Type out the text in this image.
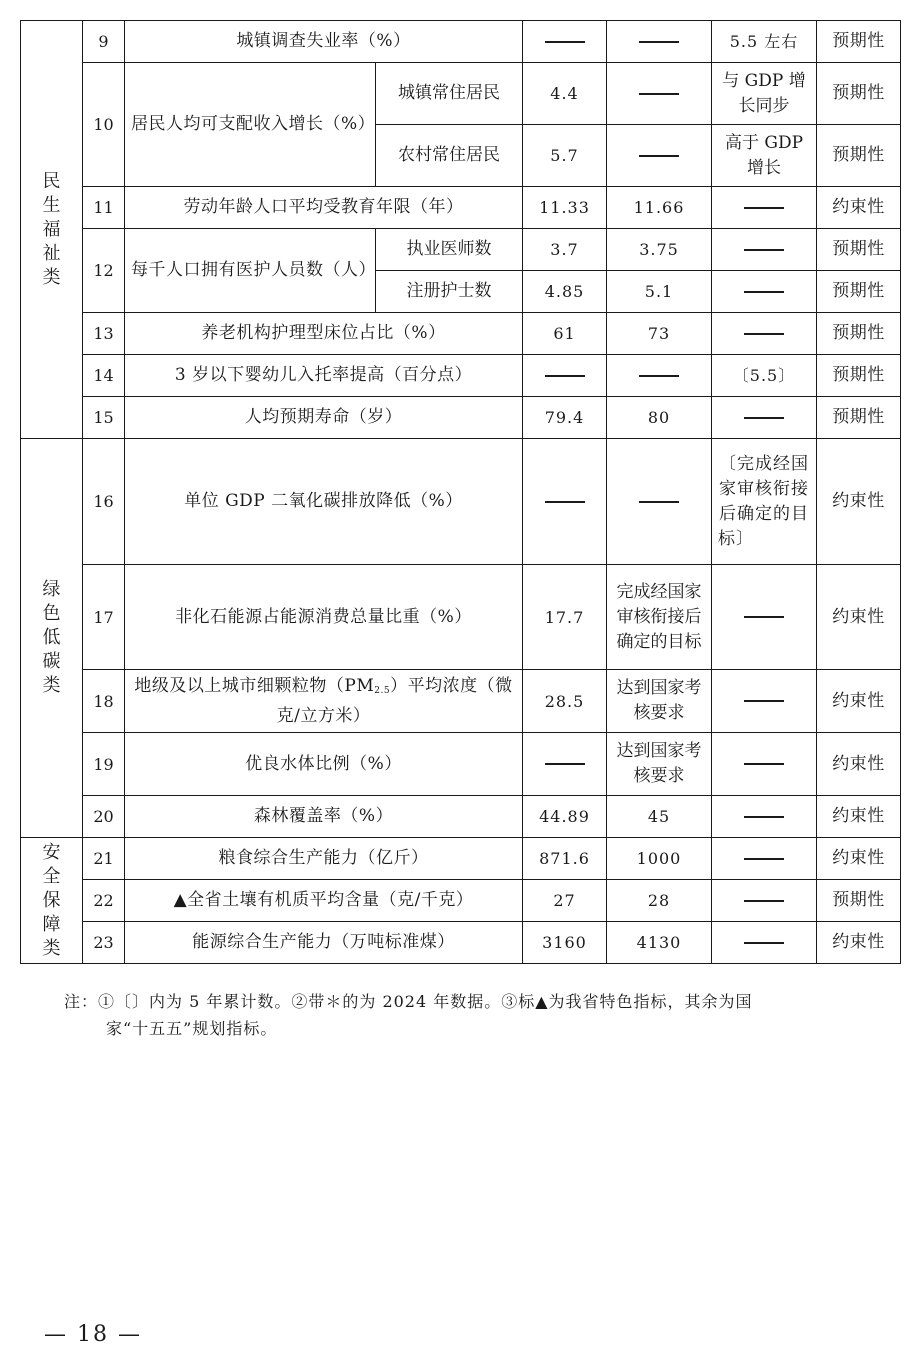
民生福祉类	9	城镇调查失业率（%）				5.5 左右	预期性
	10	居民人均可支配收入增长（%）	城镇常住居民	4.4		与 GDP 增长同步	预期性
			农村常住居民	5.7		高于 GDP 增长	预期性
	11	劳动年龄人口平均受教育年限（年）		11.33	11.66		约束性
	12	每千人口拥有医护人员数（人）	执业医师数	3.7	3.75		预期性
			注册护士数	4.85	5.1		预期性
	13	养老机构护理型床位占比（%）		61	73		预期性
	14	3 岁以下婴幼儿入托率提高（百分点）				〔5.5〕	预期性
	15	人均预期寿命（岁）		79.4	80		预期性

绿色低碳类	16	单位 GDP 二氧化碳排放降低（%）				〔完成经国家审核衔接后确定的目标〕	约束性
	17	非化石能源占能源消费总量比重（%）		17.7	完成经国家审核衔接后确定的目标		约束性
	18	地级及以上城市细颗粒物$(PM_{2.5})$平均浓度（微克/立方米）		28.5	达到国家考核要求		约束性
	19	优良水体比例（%）			达到国家考核要求		约束性
	20	森林覆盖率（%）		44.89	45		约束性

安全保障类	21	粮食综合生产能力（亿斤）		871.6	1000		约束性
	22	▲全省土壤有机质平均含量（克/千克）		27	28		预期性
	23	能源综合生产能力（万吨标准煤）		3160	4130		约束性
注：①〔〕内为 5 年累计数。②带＊的为 2024 年数据。③标▲为我省特色指标，其余为国
家“十五五”规划指标。
— 18 —
